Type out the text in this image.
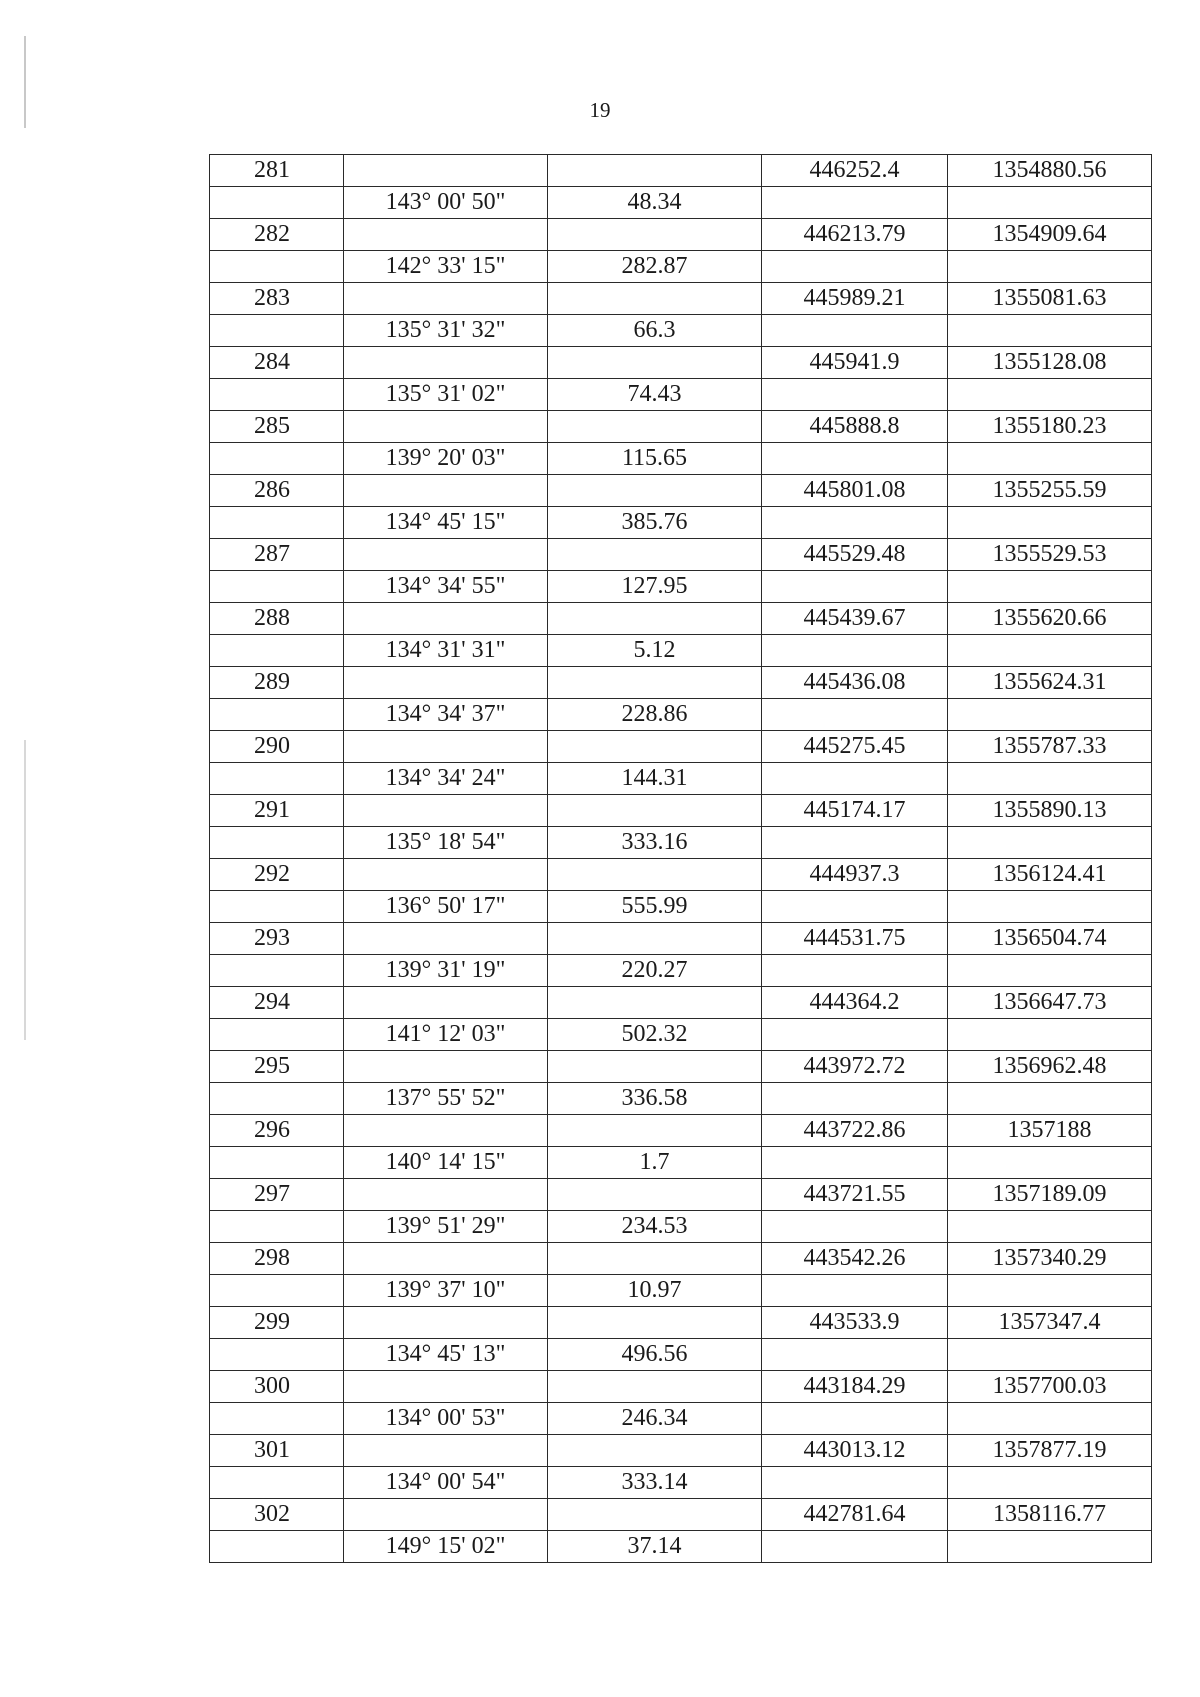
19
281			446252.4	1354880.56
	143° 00' 50"	48.34		
282			446213.79	1354909.64
	142° 33' 15"	282.87		
283			445989.21	1355081.63
	135° 31' 32"	66.3		
284			445941.9	1355128.08
	135° 31' 02"	74.43		
285			445888.8	1355180.23
	139° 20' 03"	115.65		
286			445801.08	1355255.59
	134° 45' 15"	385.76		
287			445529.48	1355529.53
	134° 34' 55"	127.95		
288			445439.67	1355620.66
	134° 31' 31"	5.12		
289			445436.08	1355624.31
	134° 34' 37"	228.86		
290			445275.45	1355787.33
	134° 34' 24"	144.31		
291			445174.17	1355890.13
	135° 18' 54"	333.16		
292			444937.3	1356124.41
	136° 50' 17"	555.99		
293			444531.75	1356504.74
	139° 31' 19"	220.27		
294			444364.2	1356647.73
	141° 12' 03"	502.32		
295			443972.72	1356962.48
	137° 55' 52"	336.58		
296			443722.86	1357188
	140° 14' 15"	1.7		
297			443721.55	1357189.09
	139° 51' 29"	234.53		
298			443542.26	1357340.29
	139° 37' 10"	10.97		
299			443533.9	1357347.4
	134° 45' 13"	496.56		
300			443184.29	1357700.03
	134° 00' 53"	246.34		
301			443013.12	1357877.19
	134° 00' 54"	333.14		
302			442781.64	1358116.77
	149° 15' 02"	37.14		
